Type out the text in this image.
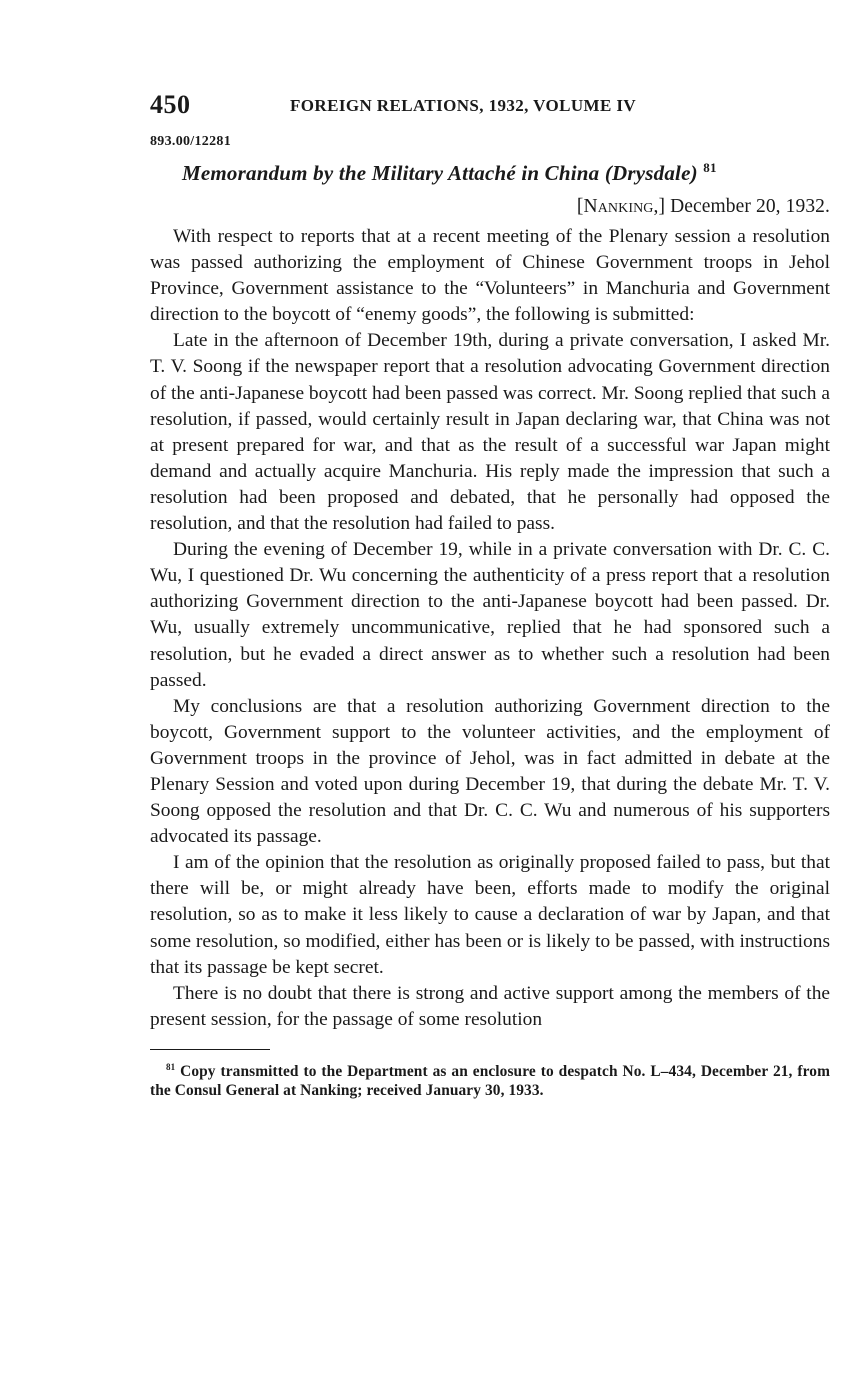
450	FOREIGN RELATIONS, 1932, VOLUME IV
893.00/12281
Memorandum by the Military Attaché in China (Drysdale) $^{81}$
[Nanking,] December 20, 1932.

With respect to reports that at a recent meeting of the Plenary session a resolution was passed authorizing the employment of Chinese Government troops in Jehol Province, Government assistance to the “Volunteers” in Manchuria and Government direction to the boycott of “enemy goods”, the following is submitted:

Late in the afternoon of December 19th, during a private conversation, I asked Mr. T. V. Soong if the newspaper report that a resolution advocating Government direction of the anti-Japanese boycott had been passed was correct. Mr. Soong replied that such a resolution, if passed, would certainly result in Japan declaring war, that China was not at present prepared for war, and that as the result of a successful war Japan might demand and actually acquire Manchuria. His reply made the impression that such a resolution had been proposed and debated, that he personally had opposed the resolution, and that the resolution had failed to pass.

During the evening of December 19, while in a private conversation with Dr. C. C. Wu, I questioned Dr. Wu concerning the authenticity of a press report that a resolution authorizing Government direction to the anti-Japanese boycott had been passed. Dr. Wu, usually extremely uncommunicative, replied that he had sponsored such a resolution, but he evaded a direct answer as to whether such a resolution had been passed.

My conclusions are that a resolution authorizing Government direction to the boycott, Government support to the volunteer activities, and the employment of Government troops in the province of Jehol, was in fact admitted in debate at the Plenary Session and voted upon during December 19, that during the debate Mr. T. V. Soong opposed the resolution and that Dr. C. C. Wu and numerous of his supporters advocated its passage.

I am of the opinion that the resolution as originally proposed failed to pass, but that there will be, or might already have been, efforts made to modify the original resolution, so as to make it less likely to cause a declaration of war by Japan, and that some resolution, so modified, either has been or is likely to be passed, with instructions that its passage be kept secret.

There is no doubt that there is strong and active support among the members of the present session, for the passage of some resolution

$^{81}$ Copy transmitted to the Department as an enclosure to despatch No. L–434, December 21, from the Consul General at Nanking; received January 30, 1933.
